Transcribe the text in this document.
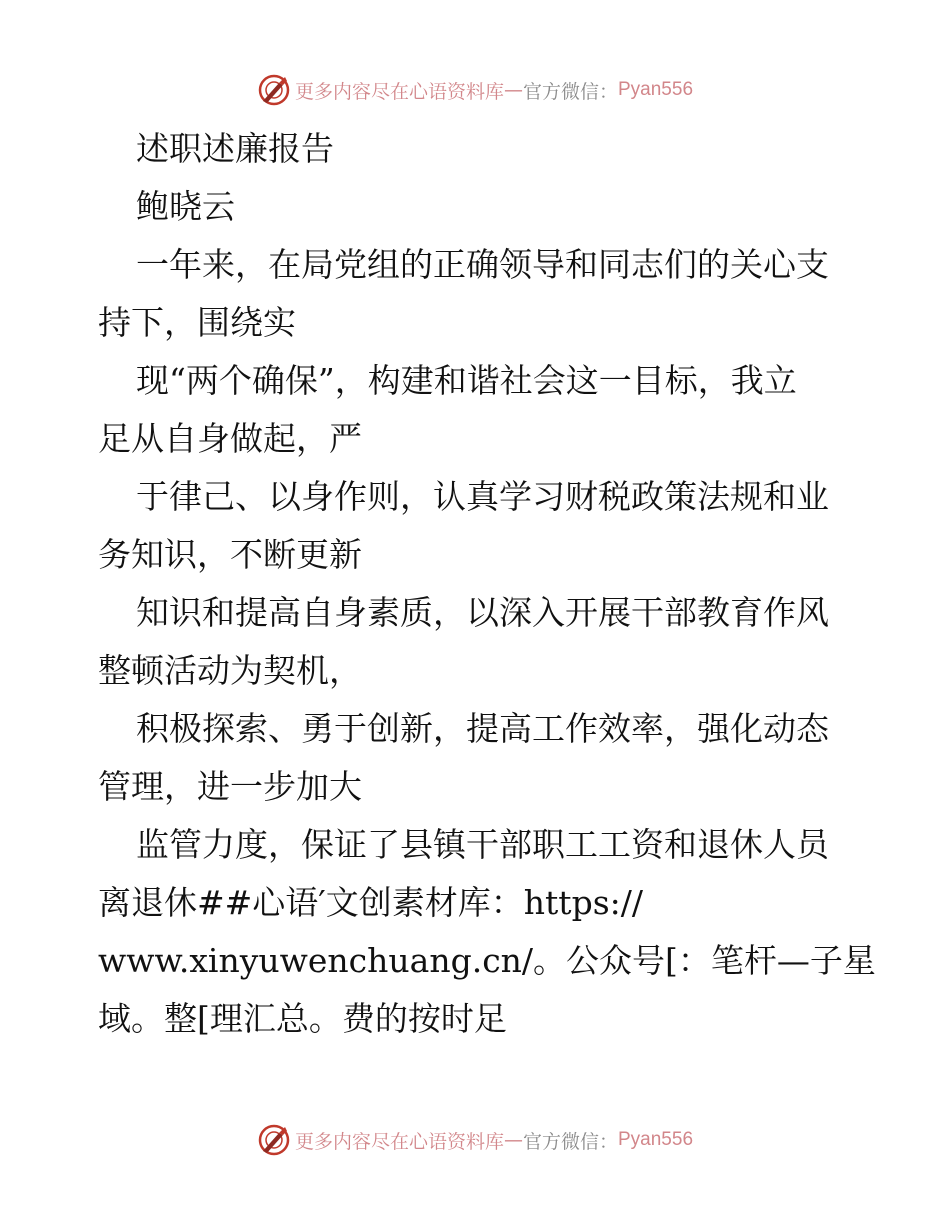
更多内容尽在心语资料库 — 官方微信： Pyan556
述职述廉报告
鲍晓云
一年来，在局党组的正确领导和同志们的关心支
持下，围绕实
现“两个确保”，构建和谐社会这一目标，我立
足从自身做起，严
于律己、以身作则，认真学习财税政策法规和业
务知识，不断更新
知识和提高自身素质，以深入开展干部教育作风
整顿活动为契机，
积极探索、勇于创新，提高工作效率，强化动态
管理，进一步加大
监管力度，保证了县镇干部职工工资和退休人员
离退休##心语′文创素材库：https://
www.xinyuwenchuang.cn/。公众号[：笔杆—子星
域。整[理汇总。费的按时足
更多内容尽在心语资料库 — 官方微信： Pyan556
